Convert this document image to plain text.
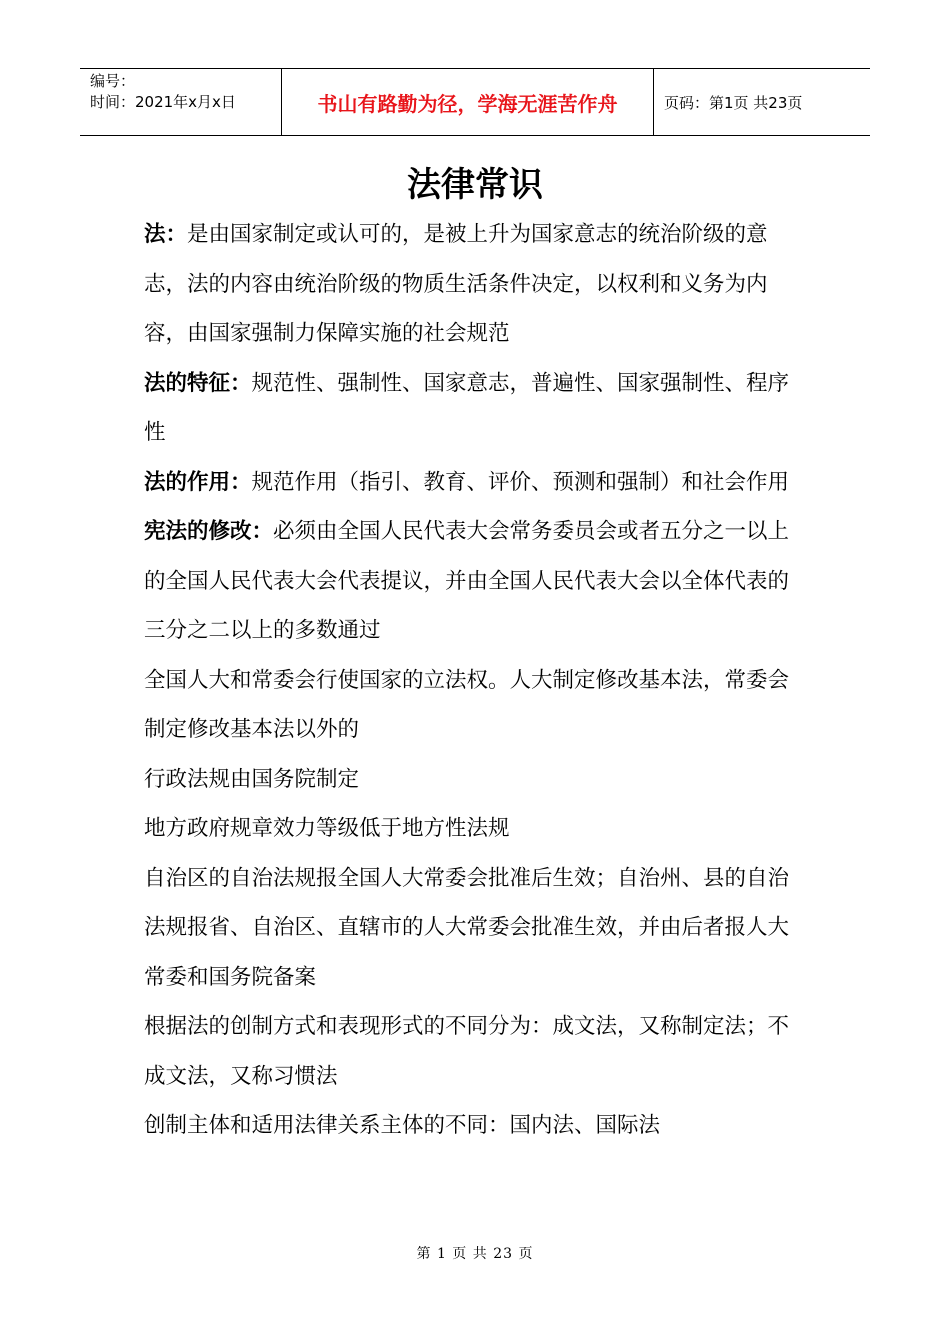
编号：
时间：2021年x月x日	书山有路勤为径，学海无涯苦作舟	页码：第1页 共23页
法律常识

法：是由国家制定或认可的，是被上升为国家意志的统治阶级的意志，法的内容由统治阶级的物质生活条件决定，以权利和义务为内容，由国家强制力保障实施的社会规范

法的特征：规范性、强制性、国家意志，普遍性、国家强制性、程序性

法的作用：规范作用（指引、教育、评价、预测和强制）和社会作用

宪法的修改：必须由全国人民代表大会常务委员会或者五分之一以上的全国人民代表大会代表提议，并由全国人民代表大会以全体代表的三分之二以上的多数通过

全国人大和常委会行使国家的立法权。人大制定修改基本法，常委会制定修改基本法以外的

行政法规由国务院制定

地方政府规章效力等级低于地方性法规

自治区的自治法规报全国人大常委会批准后生效；自治州、县的自治法规报省、自治区、直辖市的人大常委会批准生效，并由后者报人大常委和国务院备案

根据法的创制方式和表现形式的不同分为：成文法，又称制定法；不成文法，又称习惯法

创制主体和适用法律关系主体的不同：国内法、国际法

第 1 页 共 23 页
